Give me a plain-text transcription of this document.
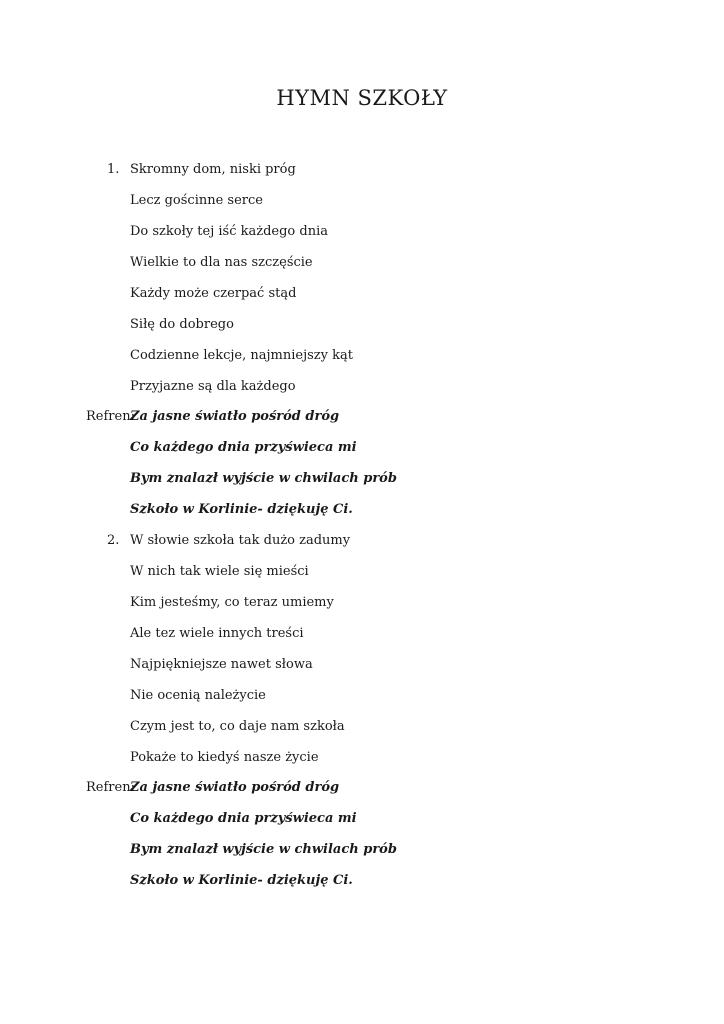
HYMN SZKOŁY
1. Skromny dom, niski próg
Lecz gościnne serce
Do szkoły tej iść każdego dnia
Wielkie to dla nas szczęście
Każdy może czerpać stąd
Siłę do dobrego
Codzienne lekcje, najmniejszy kąt
Przyjazne są dla każdego
Refren:
Za jasne światło pośród dróg
Co każdego dnia przyświeca mi
Bym znalazł wyjście w chwilach prób
Szkoło w Korlinie- dziękuję Ci.
2. W słowie szkoła tak dużo zadumy
W nich tak wiele się mieści
Kim jesteśmy, co teraz umiemy
Ale tez wiele innych treści
Najpiękniejsze nawet słowa
Nie ocenią należycie
Czym jest to, co daje nam szkoła
Pokaże to kiedyś nasze życie
Refren:
Za jasne światło pośród dróg
Co każdego dnia przyświeca mi
Bym znalazł wyjście w chwilach prób
Szkoło w Korlinie- dziękuję Ci.
